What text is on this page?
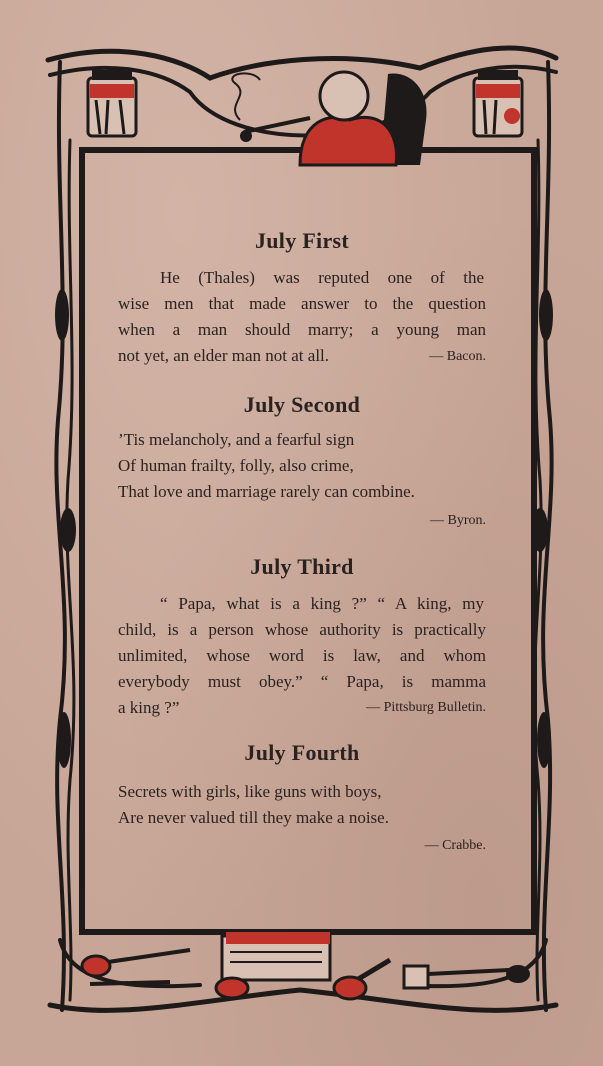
July First
He (Thales) was reputed one of the
wise men that made answer to the question
when a man should marry; a young man
not yet, an elder man not at all.	— Bacon.
July Second
’Tis melancholy, and a fearful sign
Of human frailty, folly, also crime,
That love and marriage rarely can combine.
— Byron.
July Third
“ Papa, what is a king ?” “ A king, my
child, is a person whose authority is practically
unlimited, whose word is law, and whom
everybody must obey.” “ Papa, is mamma
a king ?”	— Pittsburg Bulletin.
July Fourth
Secrets with girls, like guns with boys,
Are never valued till they make a noise.
— Crabbe.
